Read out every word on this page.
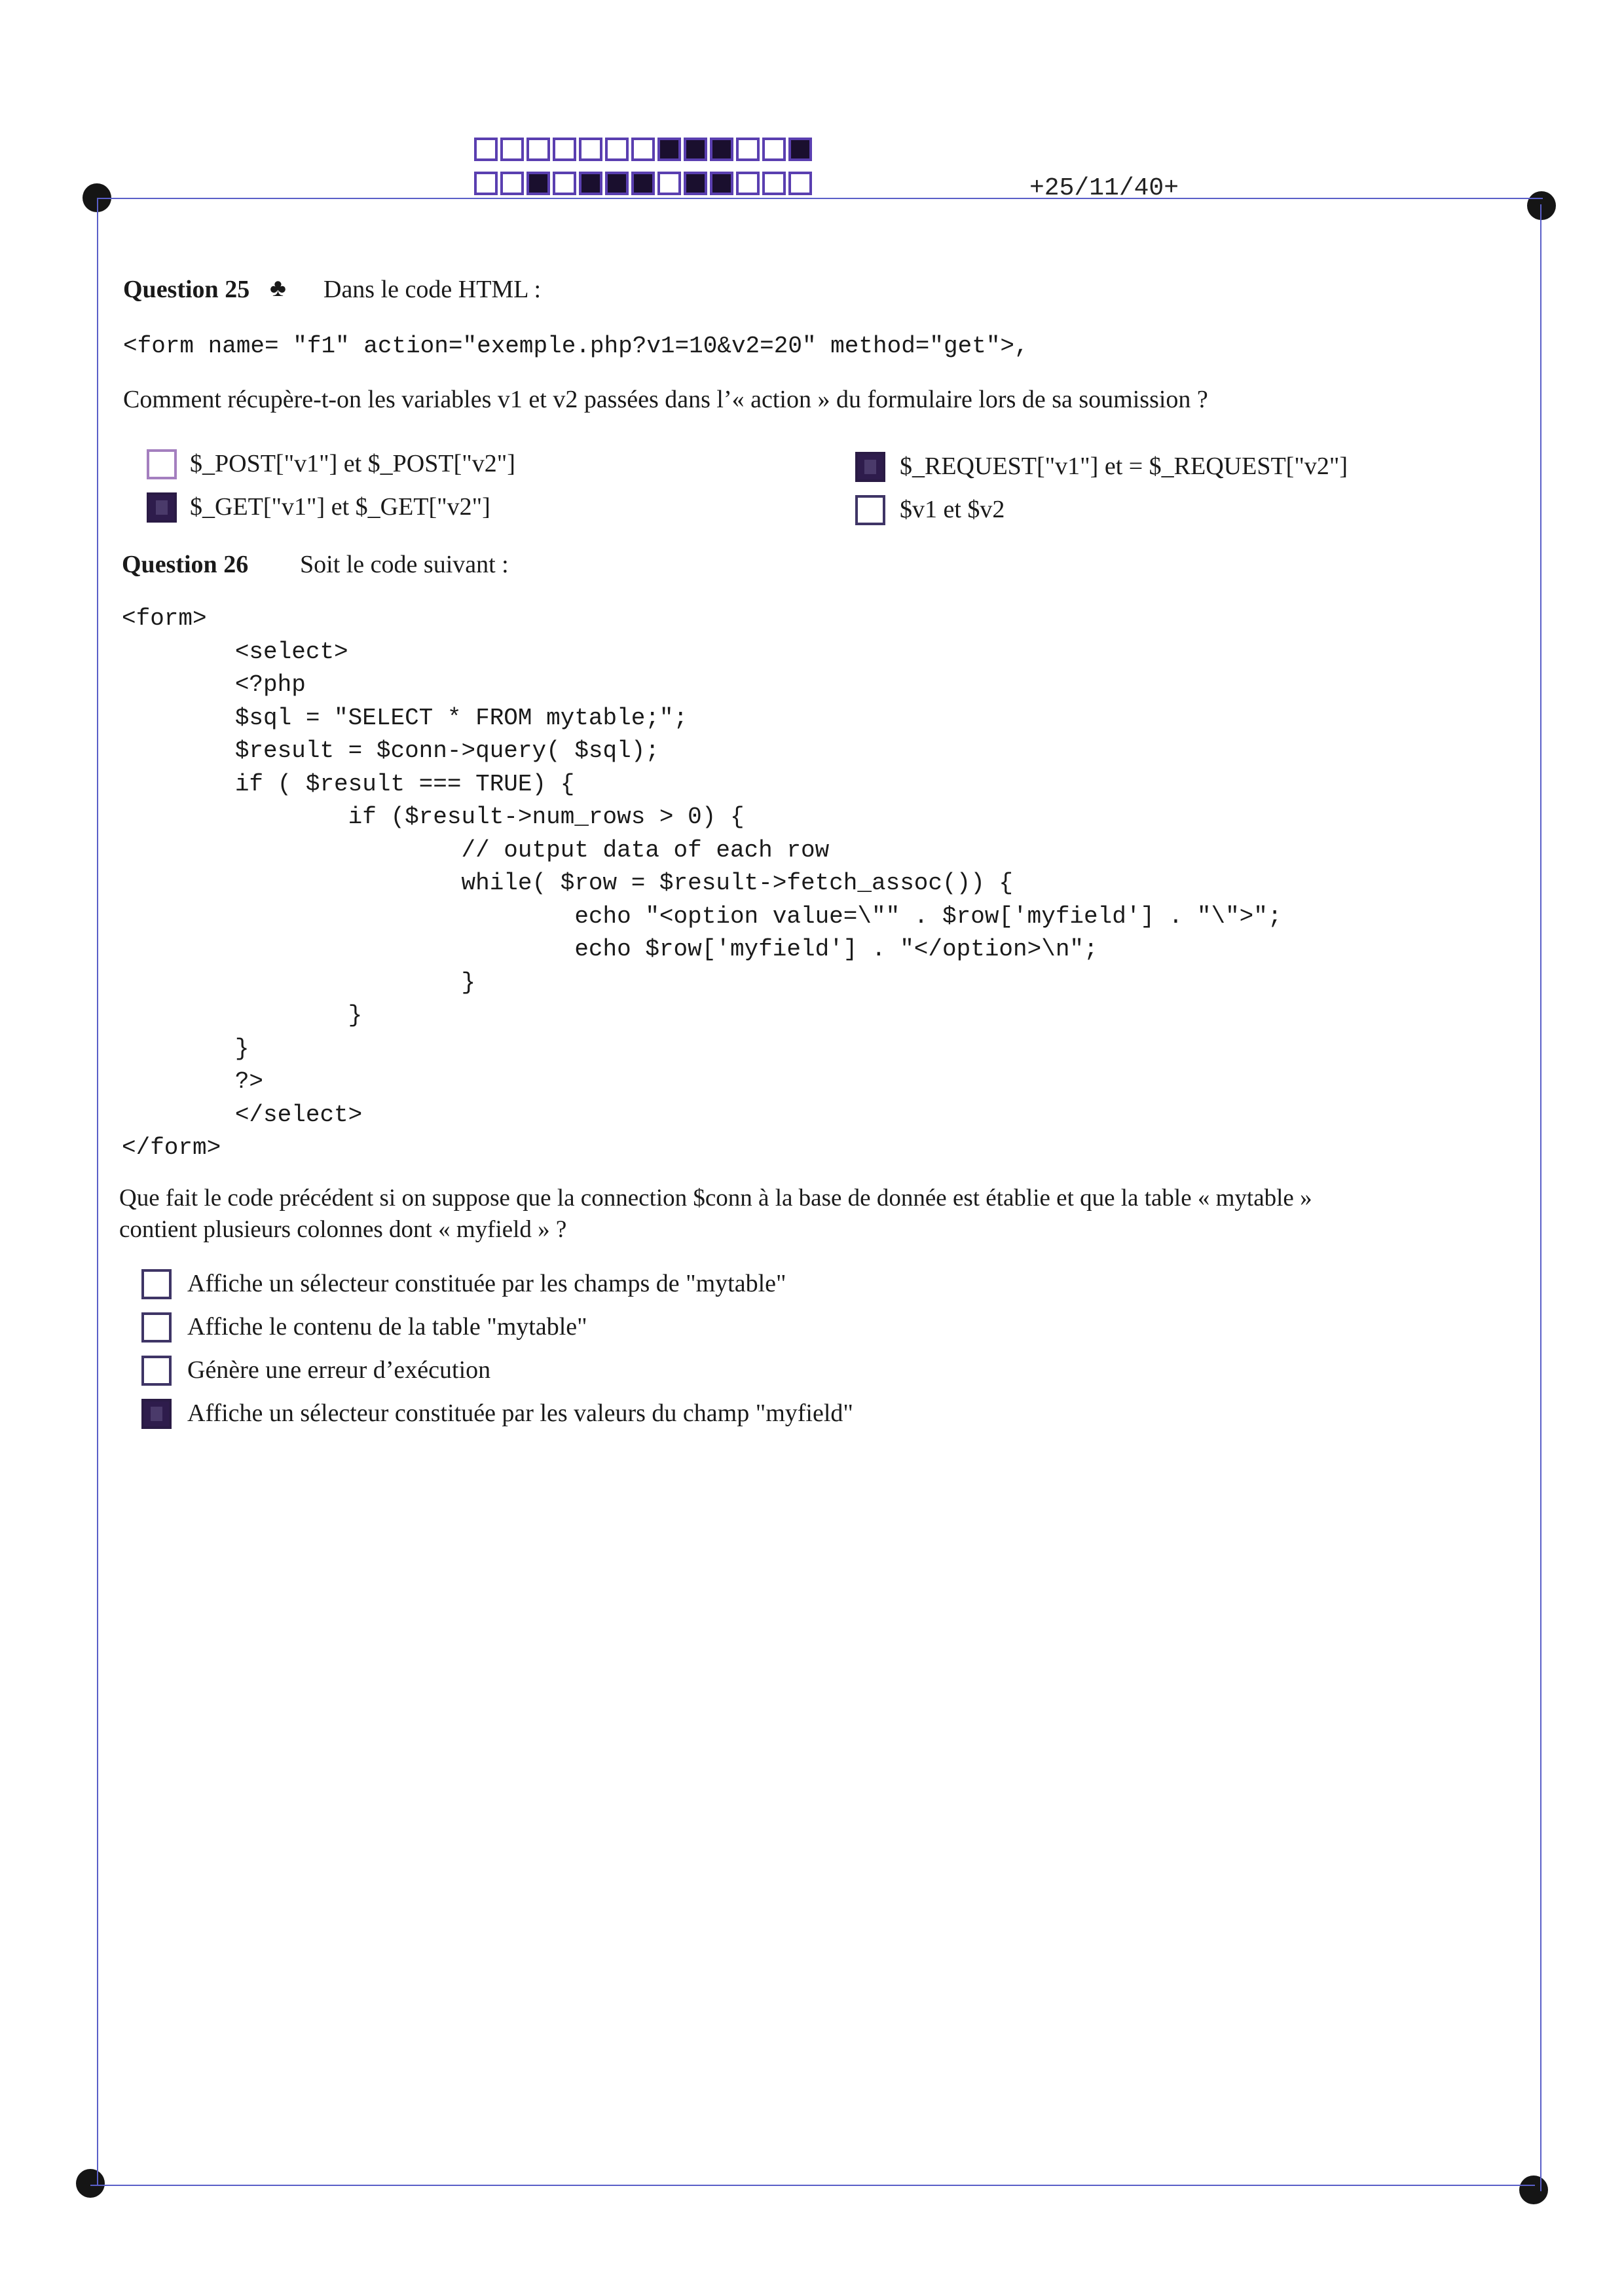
+25/11/40+
Question 25 ♣ Dans le code HTML :
<form name= "f1" action="exemple.php?v1=10&v2=20" method="get">,
Comment récupère-t-on les variables v1 et v2 passées dans l’« action » du formulaire lors de sa soumission ?
$_POST["v1"] et $_POST["v2"]	$_REQUEST["v1"] et = $_REQUEST["v2"]
$_GET["v1"] et $_GET["v2"]	$v1 et $v2
Question 26 Soit le code suivant :
<form>
<select>
<?php
$sql = "SELECT * FROM mytable;";
$result = $conn->query( $sql);
if ( $result === TRUE) {
if ($result->num_rows > 0) {
// output data of each row
while( $row = $result->fetch_assoc()) {
echo "<option value=\"" . $row['myfield'] . "\">";
echo $row['myfield'] . "</option>\n";
}
}
}
?>
</select>
</form>
Que fait le code précédent si on suppose que la connection $conn à la base de donnée est établie et que la table « mytable »
contient plusieurs colonnes dont « myfield » ?
Affiche un sélecteur constituée par les champs de "mytable"
Affiche le contenu de la table "mytable"
Génère une erreur d’exécution
Affiche un sélecteur constituée par les valeurs du champ "myfield"
